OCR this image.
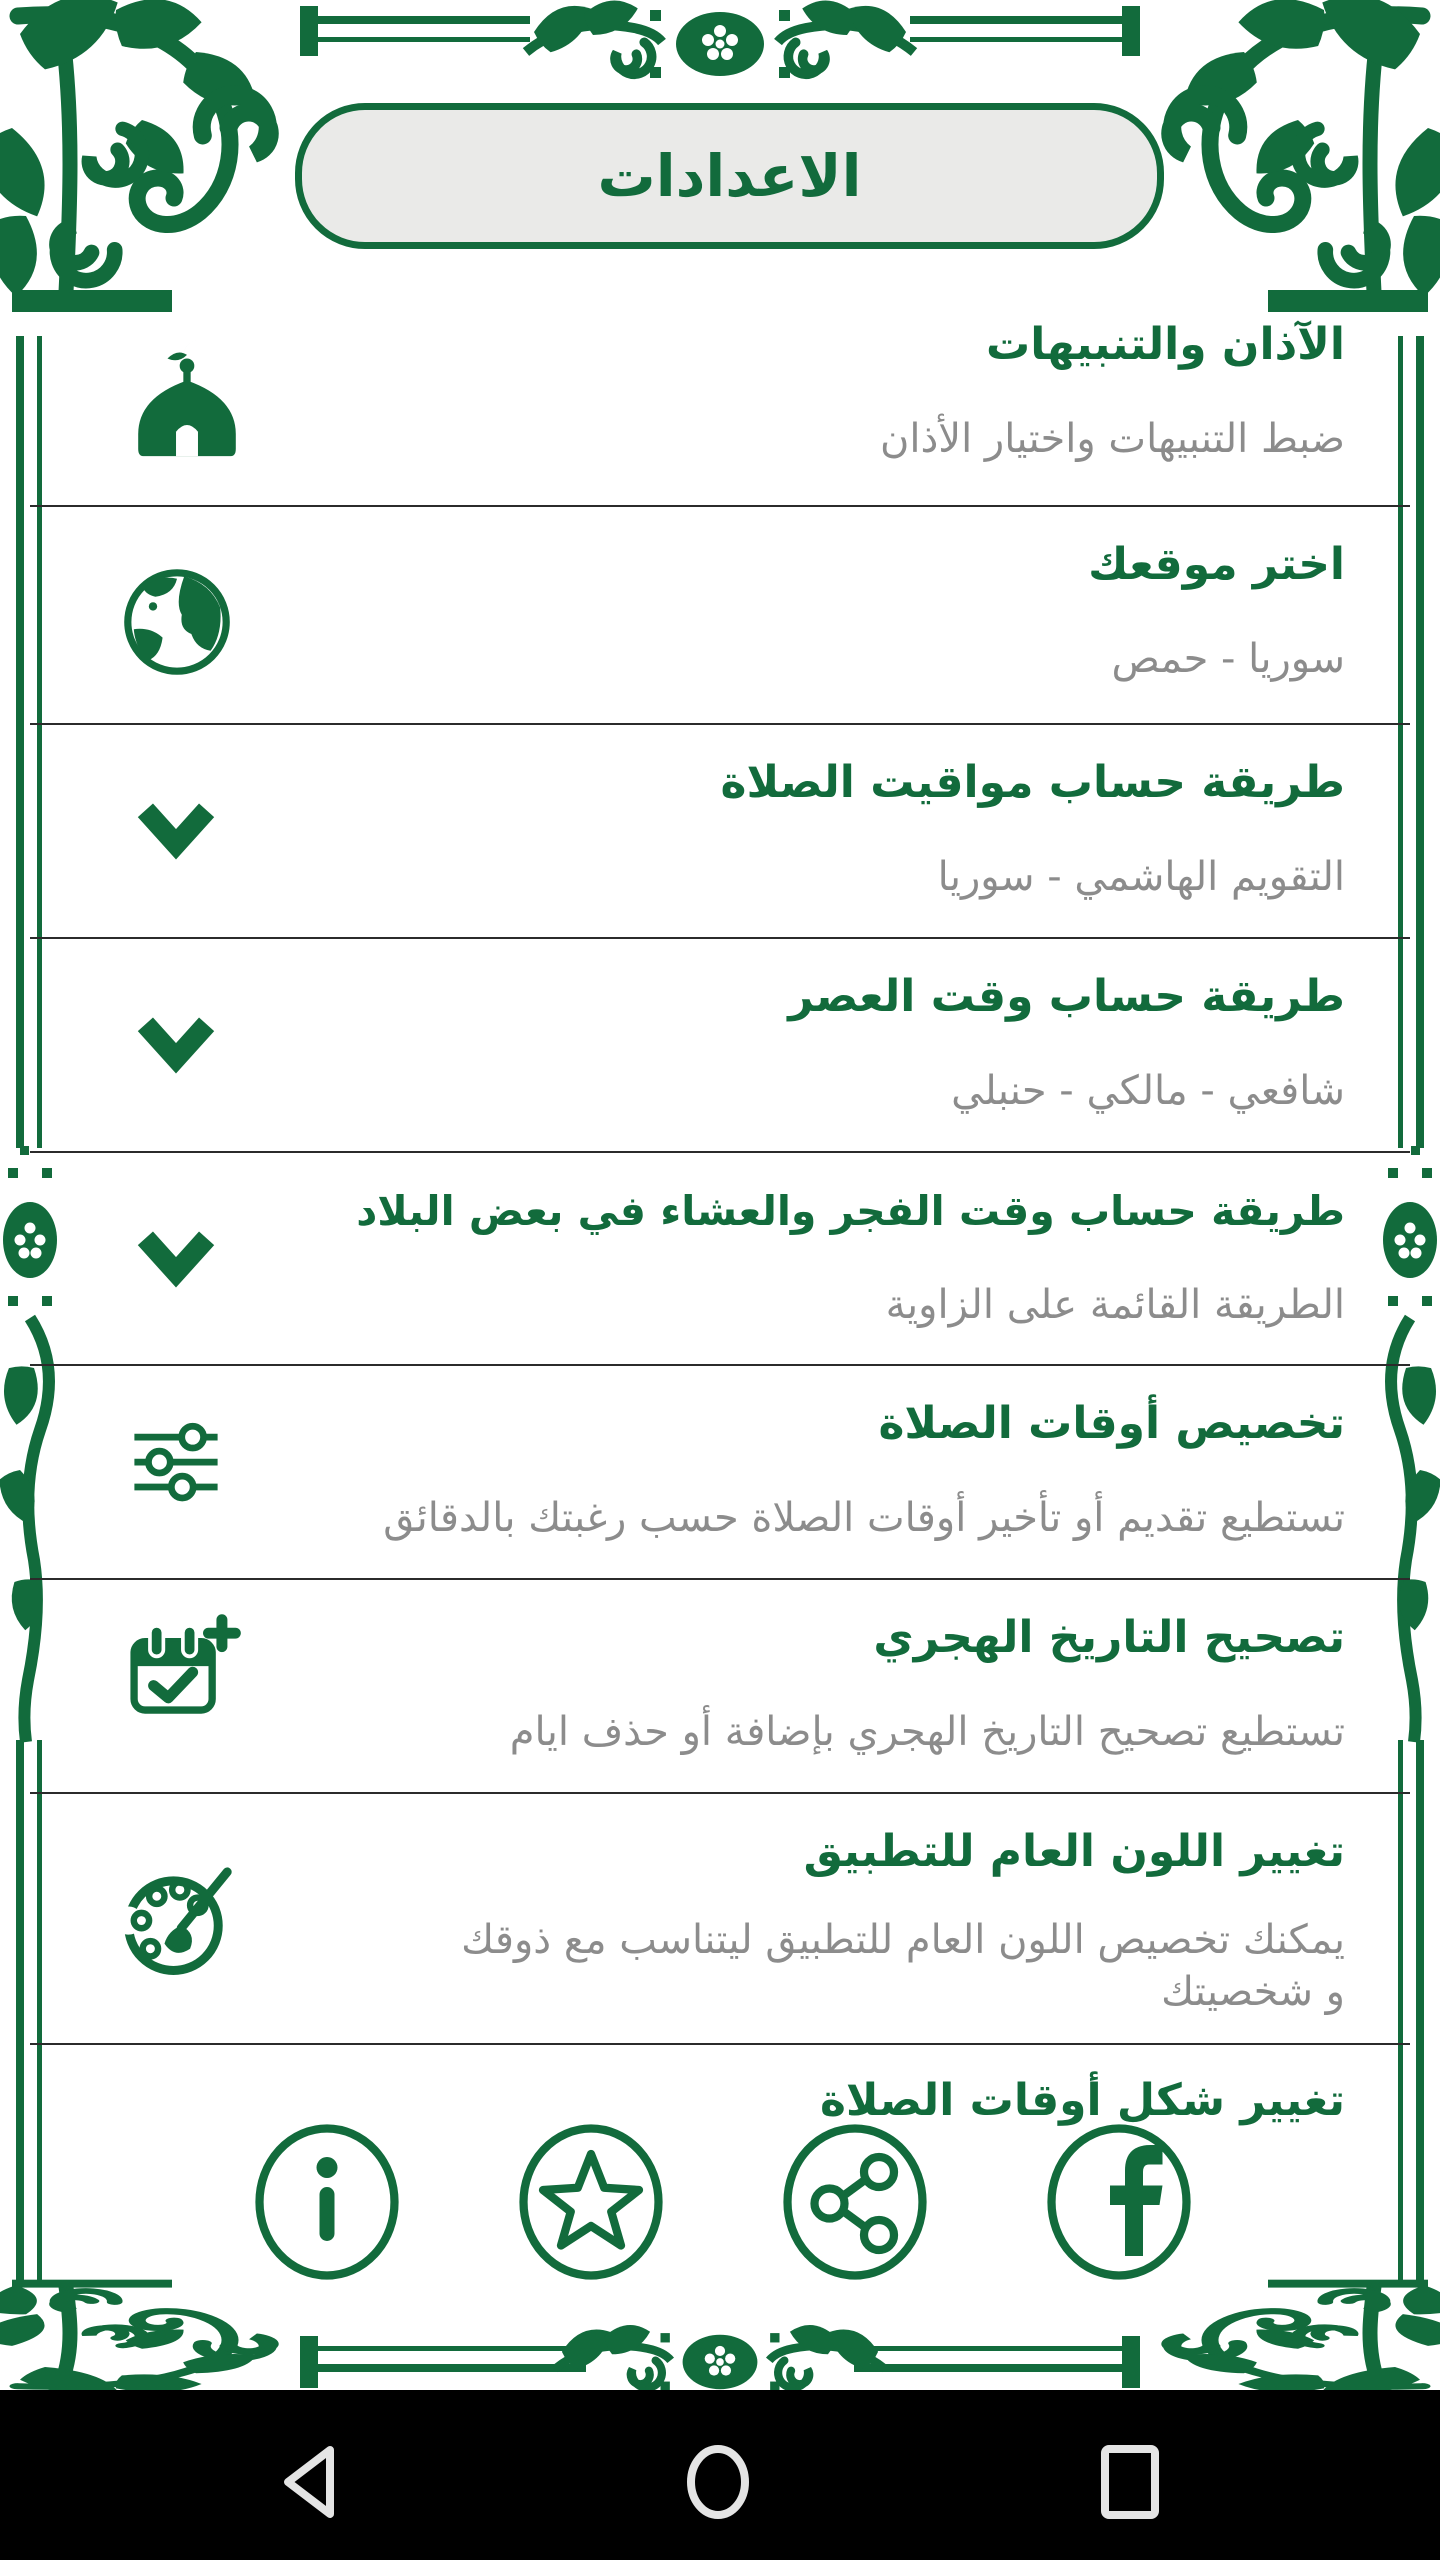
الاعدادات
الآذان والتنبيهات
ضبط التنبيهات واختيار الأذان
اختر موقعك
سوريا - حمص
طريقة حساب مواقيت الصلاة
التقويم الهاشمي - سوريا
طريقة حساب وقت العصر
شافعي - مالكي - حنبلي
طريقة حساب وقت الفجر والعشاء في بعض البلاد
الطريقة القائمة على الزاوية
تخصيص أوقات الصلاة
تستطيع تقديم أو تأخير أوقات الصلاة حسب رغبتك بالدقائق
تصحيح التاريخ الهجري
تستطيع تصحيح التاريخ الهجري بإضافة أو حذف ايام
تغيير اللون العام للتطبيق
يمكنك تخصيص اللون العام للتطبيق ليتناسب مع ذوقك و شخصيتك
تغيير شكل أوقات الصلاة
